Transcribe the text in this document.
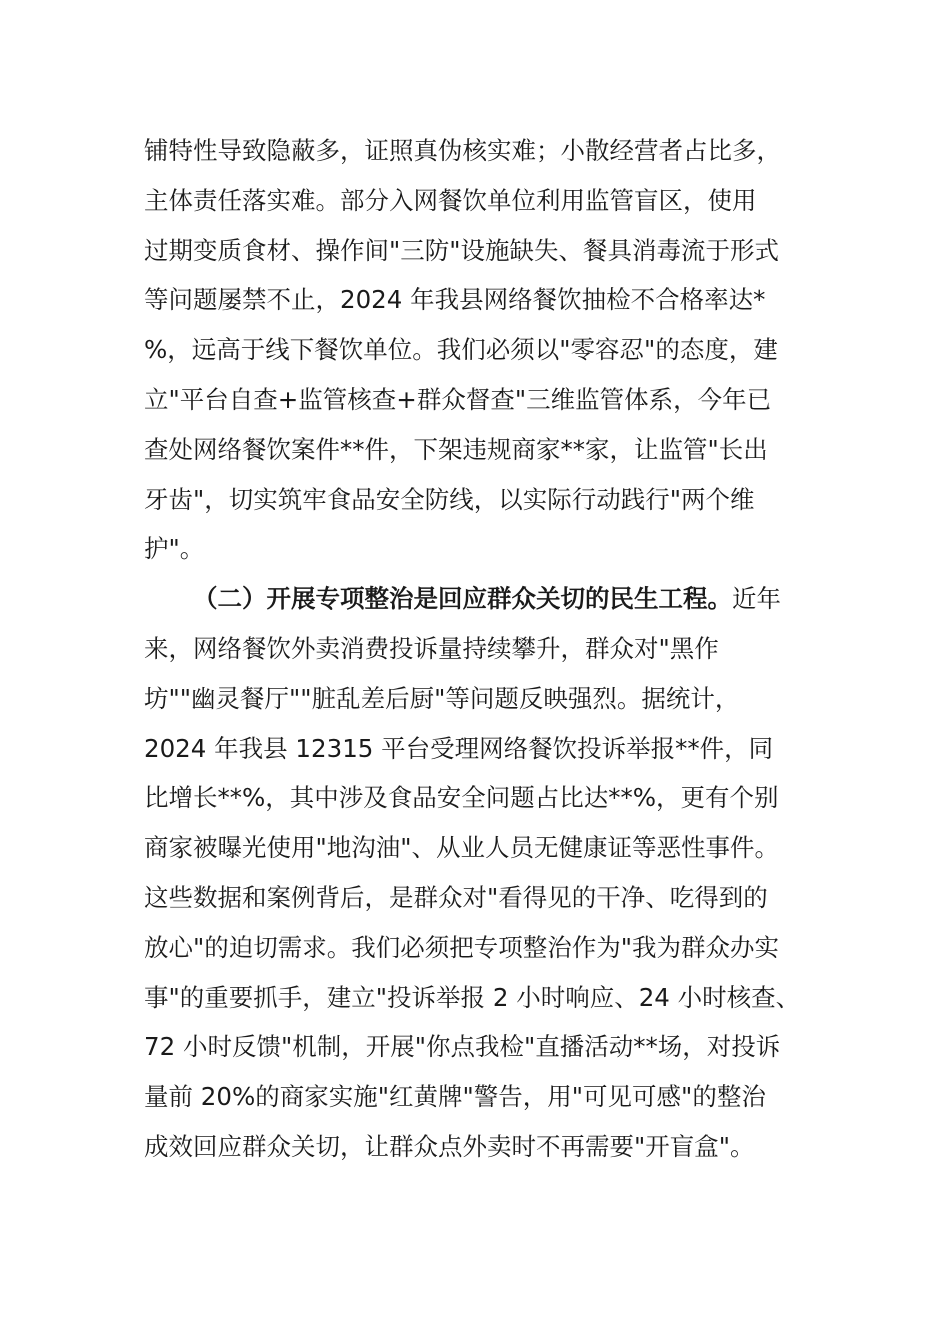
铺特性导致隐蔽多，证照真伪核实难；小散经营者占比多，
主体责任落实难。部分入网餐饮单位利用监管盲区，使用
过期变质食材、操作间"三防"设施缺失、餐具消毒流于形式
等问题屡禁不止，2024 年我县网络餐饮抽检不合格率达*
%，远高于线下餐饮单位。我们必须以"零容忍"的态度，建
立"平台自查+监管核查+群众督查"三维监管体系，今年已
查处网络餐饮案件**件，下架违规商家**家，让监管"长出
牙齿"，切实筑牢食品安全防线，以实际行动践行"两个维
护"。
（二）开展专项整治是回应群众关切的民生工程。近年
来，网络餐饮外卖消费投诉量持续攀升，群众对"黑作
坊""幽灵餐厅""脏乱差后厨"等问题反映强烈。据统计，
2024 年我县 12315 平台受理网络餐饮投诉举报**件，同
比增长**%，其中涉及食品安全问题占比达**%，更有个别
商家被曝光使用"地沟油"、从业人员无健康证等恶性事件。
这些数据和案例背后，是群众对"看得见的干净、吃得到的
放心"的迫切需求。我们必须把专项整治作为"我为群众办实
事"的重要抓手，建立"投诉举报 2 小时响应、24 小时核查、
72 小时反馈"机制，开展"你点我检"直播活动**场，对投诉
量前 20%的商家实施"红黄牌"警告，用"可见可感"的整治
成效回应群众关切，让群众点外卖时不再需要"开盲盒"。
